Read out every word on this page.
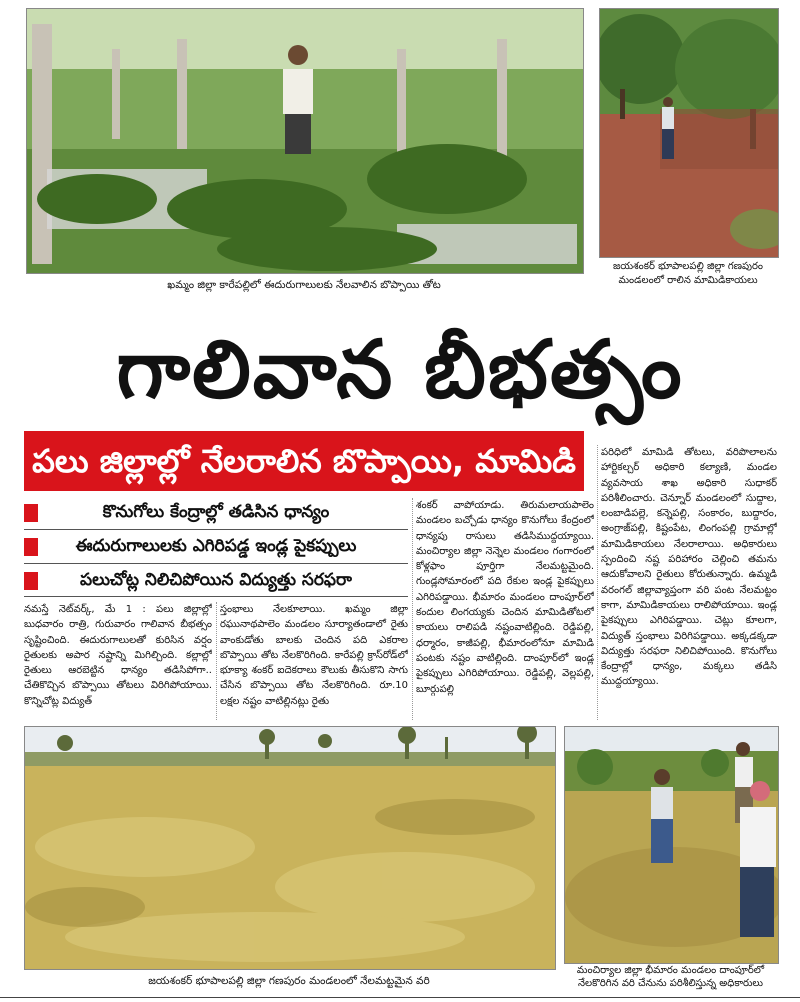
ఖమ్మం జిల్లా కారేపల్లిలో ఈదురుగాలులకు నేలవాలిన బొప్పాయి తోట
జయశంకర్ భూపాలపల్లి జిల్లా గణపురం మండలంలో రాలిన మామిడికాయలు
గాలివాన బీభత్సం
పలు జిల్లాల్లో నేలరాలిన బొప్పాయి, మామిడి
కొనుగోలు కేంద్రాల్లో తడిసిన ధాన్యం
ఈదురుగాలులకు ఎగిరిపడ్డ ఇండ్ల పైకప్పులు
పలుచోట్ల నిలిచిపోయిన విద్యుత్తు సరఫరా
నమస్తే నెట్‌వర్క్‌, మే 1 : పలు జిల్లాల్లో బుధవారం రాత్రి, గురువారం గాలివాన బీభత్సం సృష్టించింది. ఈదురుగాలులతో కురిసిన వర్షం రైతులకు అపార నష్టాన్ని మిగిల్చింది. కల్లాల్లో రైతులు ఆరబెట్టిన ధాన్యం తడిసిపోగా.. చేతికొచ్చిన బొప్పాయి తోటలు విరిగిపోయాయి. కొన్నిచోట్ల విద్యుత్
స్తంభాలు నేలకూలాయి. ఖమ్మం జిల్లా రఘునాథపాలెం మండలం సూర్యాతండాలో రైతు వాంకుడోతు బాలకు చెందిన పది ఎకరాల బొప్పాయి తోట నేలకొరిగింది. కారేపల్లి క్రాస్‌రోడ్‌లో భూక్యా శంకర్‌ ఐదెకరాలు కౌలుకు తీసుకొని సాగు చేసిన బొప్పాయి తోట నేలకొరిగింది. రూ.10 లక్షల నష్టం వాటిల్లినట్లు రైతు
శంకర్‌ వాపోయాడు. తిరుమలాయపాలెం మండలం బచ్చోడు ధాన్యం కొనుగోలు కేంద్రంలో ధాన్యపు రాసులు తడిసిముద్దయ్యాయి. మంచిర్యాల జిల్లా నెన్నెల మండలం గంగారంలో కోళ్లఫాం పూర్తిగా నేలమట్టమైంది. గుండ్లసోమారంలో పది రేకుల ఇండ్ల పైకప్పులు ఎగిరిపడ్డాయి. భీమారం మండలం దాంపూర్‌లో కందుల లింగయ్యకు చెందిన మామిడితోటలో కాయలు రాలిపడి నష్టంవాటిల్లింది. రెడ్డిపల్లి, ధర్మారం, కాజీపల్లి, భీమారంలోనూ మామిడి పంటకు నష్టం వాటిల్లింది. దాంపూర్‌లో ఇండ్ల పైకప్పులు ఎగిరిపోయాయి. రెడ్డిపల్లి, వెల్లపల్లి, బూర్గుపల్లి
పరిధిలో మామిడి తోటలు, వరిపొలాలను హార్టికల్చర్‌ అధికారి కల్యాణి, మండల వ్యవసాయ శాఖ అధికారి సుధాకర్‌ పరిశీలించారు. చెన్నూర్‌ మండలంలో సుద్దాల, లంబాడిపల్లె, కన్నెపల్లి, సంకారం, బుద్దారం, అంగ్రాజ్‌పల్లి, కిష్టంపేట, లింగంపల్లి గ్రామాల్లో మామిడికాయలు నేలరాలాయి. అధికారులు స్పందించి నష్ట పరిహారం చెల్లించి తమను ఆదుకోవాలని రైతులు కోరుతున్నారు. ఉమ్మడి వరంగల్‌ జిల్లావ్యాప్తంగా వరి పంట నేలమట్టం కాగా, మామిడికాయలు రాలిపోయాయి. ఇండ్ల పైకప్పులు ఎగిరిపడ్డాయి. చెట్లు కూలగా, విద్యుత్‌ స్తంభాలు విరిగిపడ్డాయి. అక్కడక్కడా విద్యుత్తు సరఫరా నిలిచిపోయింది. కొనుగోలు కేంద్రాల్లో ధాన్యం, మక్కలు తడిసి ముద్దయ్యాయి.
జయశంకర్ భూపాలపల్లి జిల్లా గణపురం మండలంలో నేలమట్టమైన వరి
మంచిర్యాల జిల్లా భీమారం మండలం దాంపూర్‌లో నేలకొరిగిన వరి చేనును పరిశీలిస్తున్న అధికారులు
